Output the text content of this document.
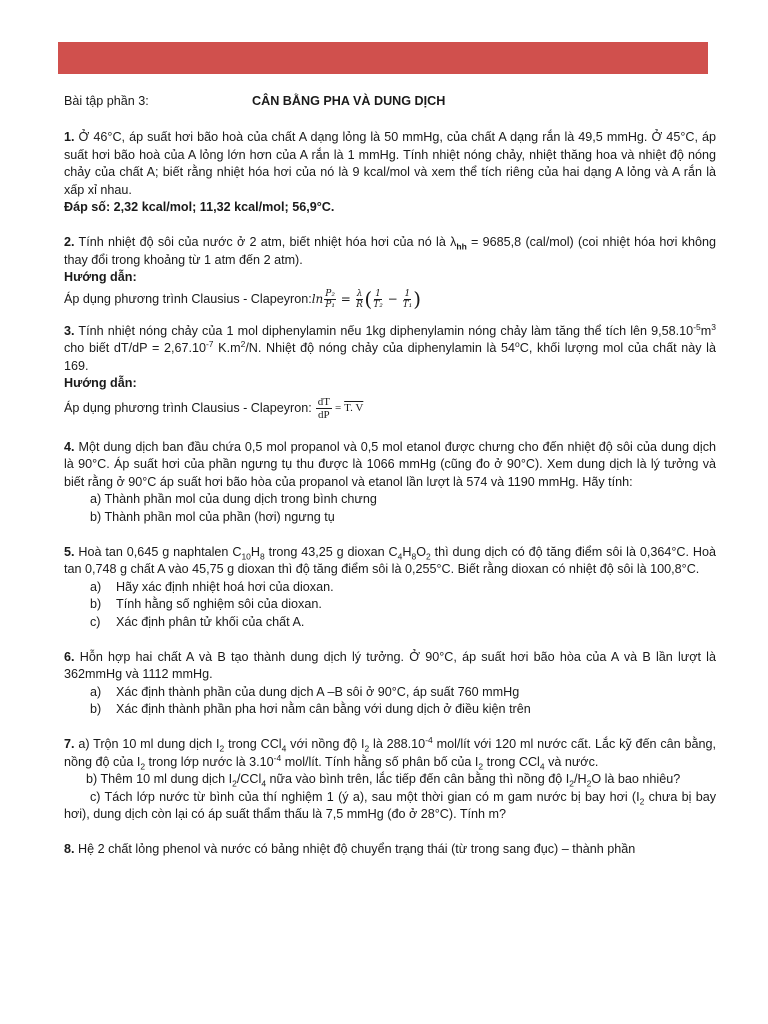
Bài tập phần 3:	CÂN BẰNG PHA VÀ DUNG DỊCH

1. Ở 46°C, áp suất hơi bão hoà của chất A dạng lỏng là 50 mmHg, của chất A dạng rắn là 49,5 mmHg. Ở 45°C, áp suất hơi bão hoà của A lỏng lớn hơn của A rắn là 1 mmHg. Tính nhiệt nóng chảy, nhiệt thăng hoa và nhiệt độ nóng chảy của chất A; biết rằng nhiệt hóa hơi của nó là 9 kcal/mol và xem thể tích riêng của hai dạng A lỏng và A rắn là xấp xỉ nhau.

Đáp số: 2,32 kcal/mol; 11,32 kcal/mol; 56,9°C.

2. Tính nhiệt độ sôi của nước ở 2 atm, biết nhiệt hóa hơi của nó là $\lambda_{hh} = 9685,8$ (cal/mol) (coi nhiệt hóa hơi không thay đổi trong khoảng từ 1 atm đến 2 atm).

Hướng dẫn:

Áp dụng phương trình Clausius - Clapeyron: $\ln \frac{\text{P₂}}{\text{P₁}} = \frac{\lambda}{R}$ ( $\frac{1}{\text{T₂}} - \frac{1}{\text{T₁}}$ )

3. Tính nhiệt nóng chảy của 1 mol diphenylamin nếu 1kg diphenylamin nóng chảy làm tăng thể tích lên $9,58.10^{-5}m^3$ cho biết $dT/dP = 2,67.10^{-7}$ $K.m^2/N$. Nhiệt độ nóng chảy của diphenylamin là 54$^o$C, khối lượng mol của chất này là 169.

Hướng dẫn:

Áp dụng phương trình Clausius - Clapeyron: $\frac{dT}{dP} = T$. V

4. Một dung dịch ban đầu chứa 0,5 mol propanol và 0,5 mol etanol được chưng cho đến nhiệt độ sôi của dung dịch là 90°C. Áp suất hơi của phần ngưng tụ thu được là 1066 mmHg (cũng đo ở 90°C). Xem dung dịch là lý tưởng và biết rằng ở 90°C áp suất hơi bão hòa của propanol và etanol lần lượt là 574 và 1190 mmHg. Hãy tính:

a) Thành phần mol của dung dịch trong bình chưng

b) Thành phần mol của phần (hơi) ngưng tụ

5. Hoà tan 0,645 g naphtalen $C_{10}H_8$ trong 43,25 g dioxan $C_4H_8O_2$ thì dung dịch có độ tăng điểm sôi là 0,364°C. Hoà tan 0,748 g chất A vào 45,75 g dioxan thì độ tăng điểm sôi là 0,255°C. Biết rằng dioxan có nhiệt độ sôi là 100,8°C.

a)	Hãy xác định nhiệt hoá hơi của dioxan.
b)	Tính hằng số nghiệm sôi của dioxan.
c)	Xác định phân tử khối của chất A.

6. Hỗn hợp hai chất A và B tạo thành dung dịch lý tưởng. Ở 90°C, áp suất hơi bão hòa của A và B lần lượt là 362mmHg và 1112 mmHg.

a)	Xác định thành phần của dung dịch A –B sôi ở 90°C, áp suất 760 mmHg
b)	Xác định thành phần pha hơi nằm cân bằng với dung dịch ở điều kiện trên

7. a) Trộn 10 ml dung dịch $I_2$ trong CCl$_4$ với nồng độ $I_2$ là $288.10^{-4}$ mol/lít với 120 ml nước cất. Lắc kỹ đến cân bằng, nồng độ của $I_2$ trong lớp nước là $3.10^{-4}$ mol/lít. Tính hằng số phân bố của $I_2$ trong CCl$_4$ và nước.

b) Thêm 10 ml dung dịch $I_2/CCl_4$ nữa vào bình trên, lắc tiếp đến cân bằng thì nồng độ $I_2/H_2O$ là bao nhiêu?

c) Tách lớp nước từ bình của thí nghiệm 1 (ý a), sau một thời gian có m gam nước bị bay hơi ($I_2$ chưa bị bay hơi), dung dịch còn lại có áp suất thẩm thấu là 7,5 mmHg (đo ở 28°C). Tính m?

8. Hệ 2 chất lỏng phenol và nước có bảng nhiệt độ chuyển trạng thái (từ trong sang đục) – thành phần
